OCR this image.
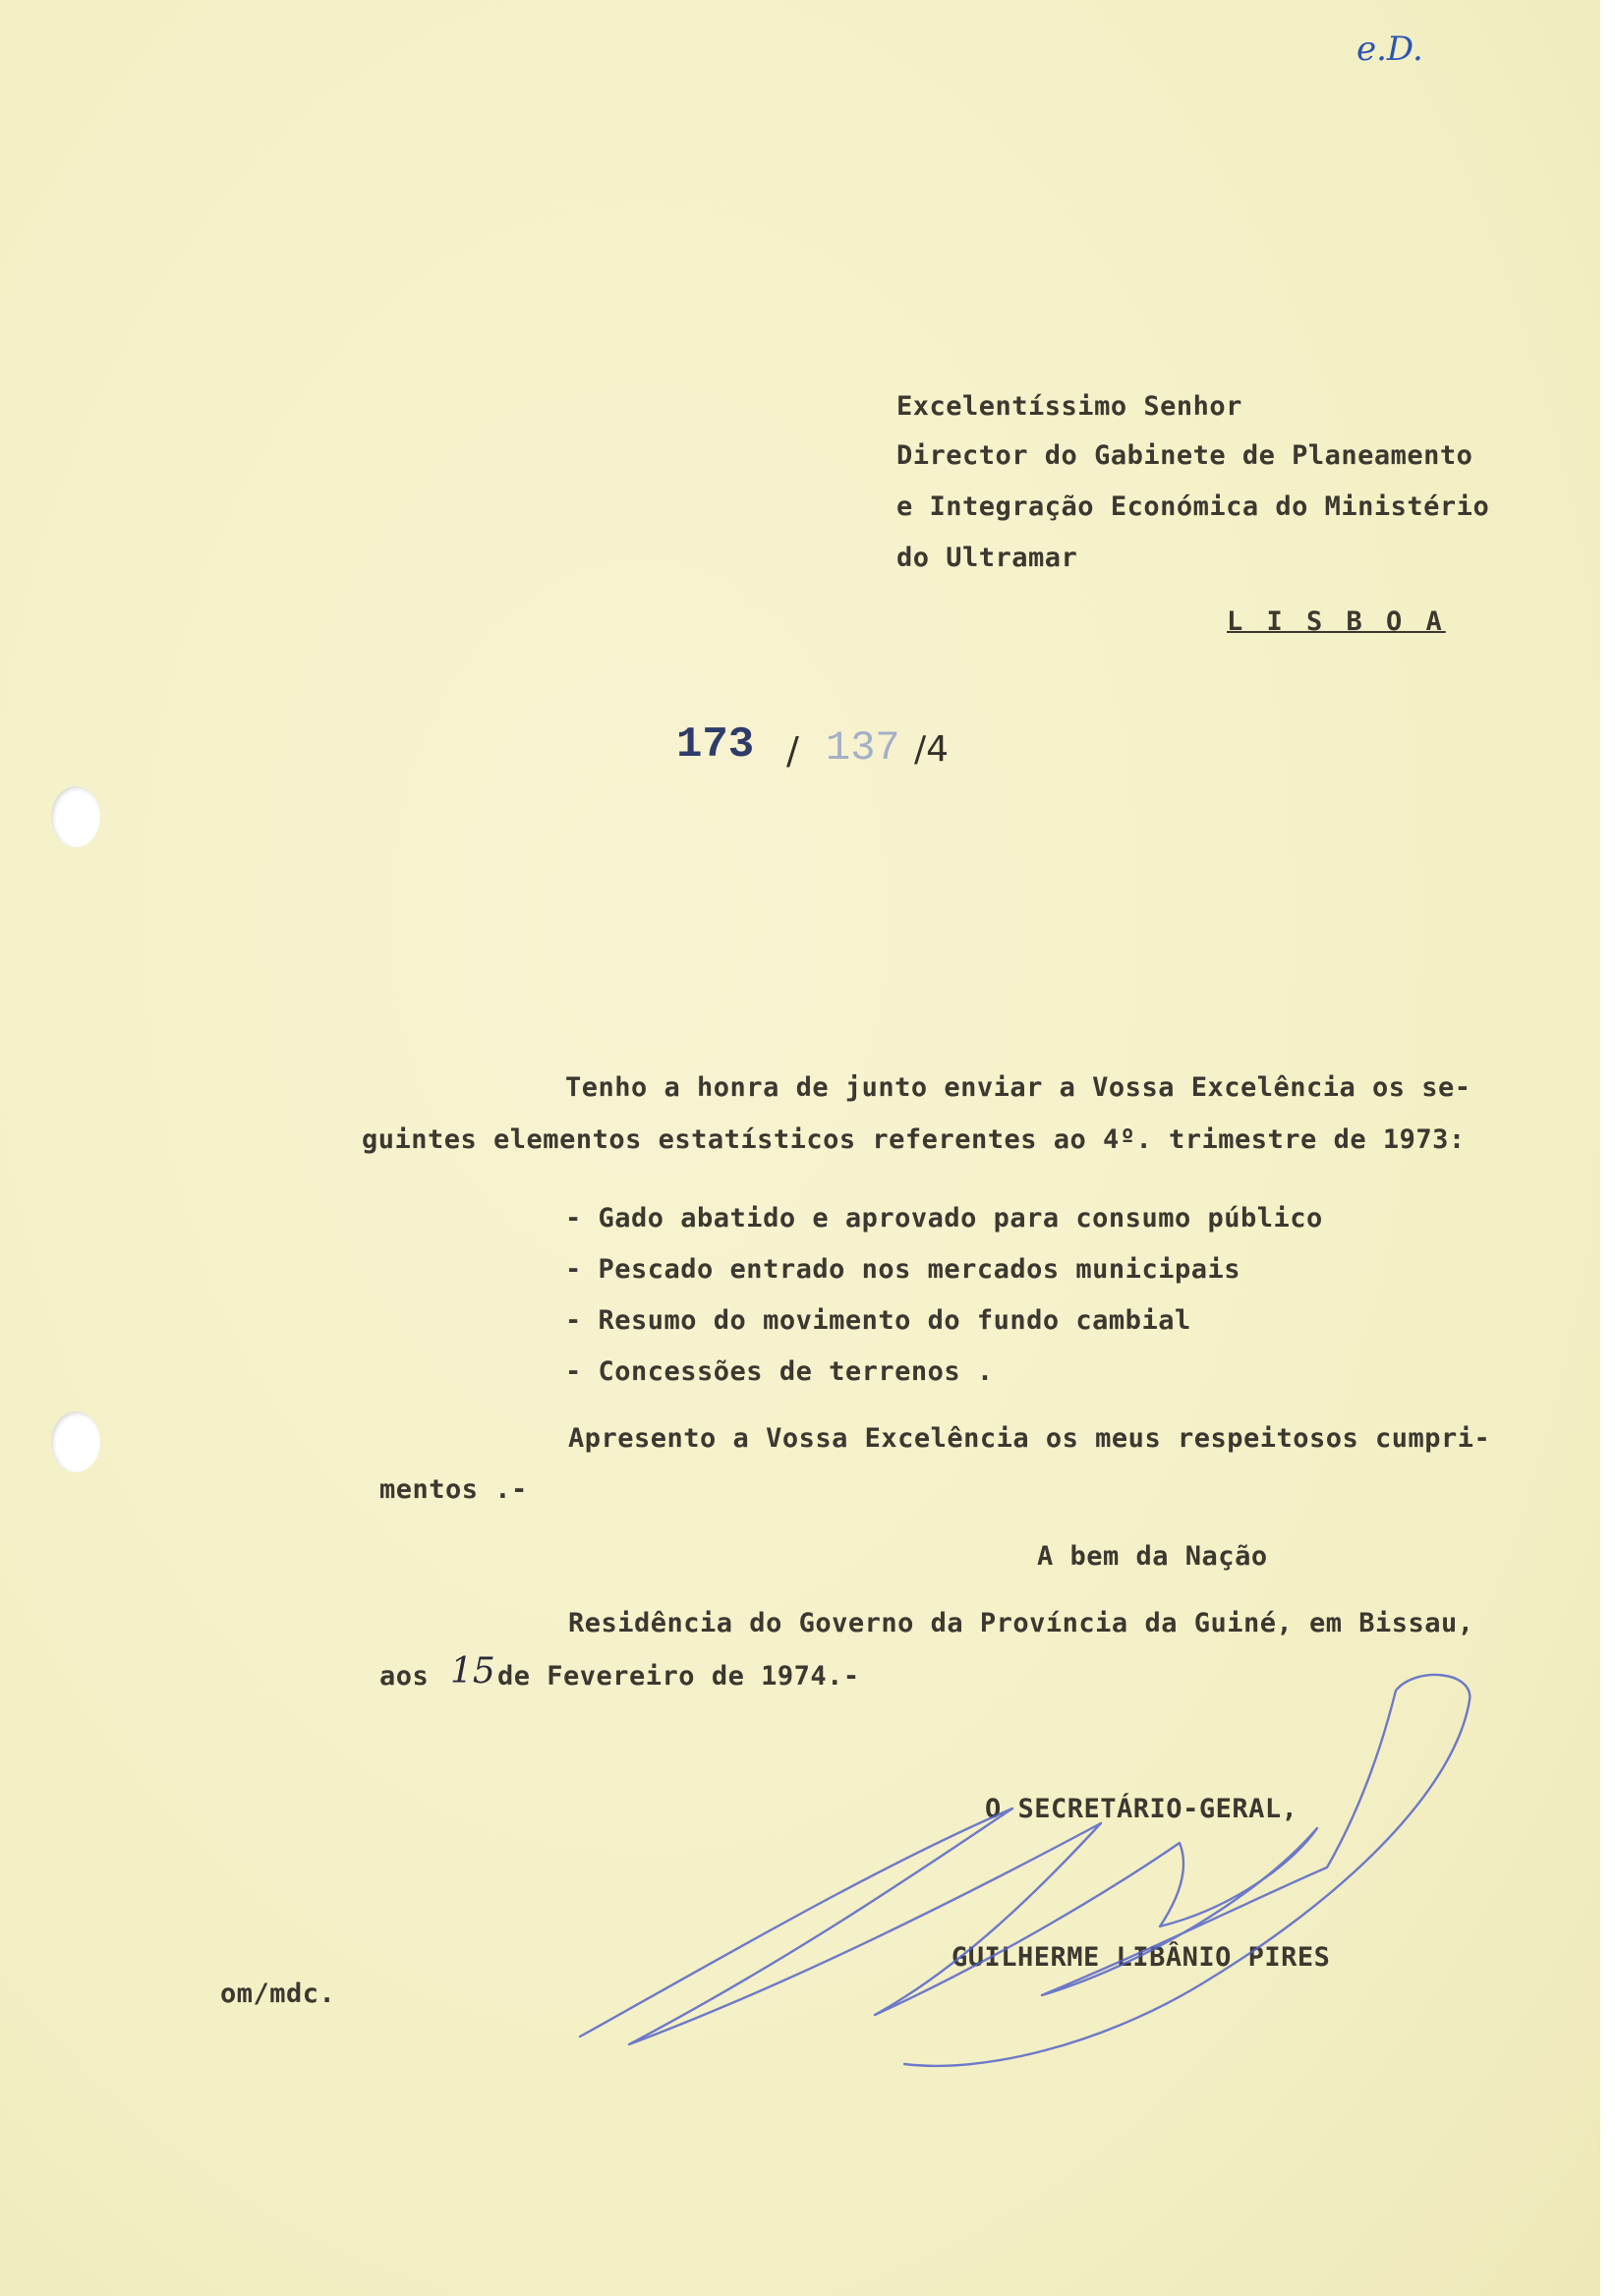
e.D.
Excelentíssimo Senhor
Director do Gabinete de Planeamento
e Integração Económica do Ministério
do Ultramar
L I S B O A
173 / 137 /4
Tenho a honra de junto enviar a Vossa Excelência os se-
guintes elementos estatísticos referentes ao 4º. trimestre de 1973:
- Gado abatido e aprovado para consumo público
- Pescado entrado nos mercados municipais
- Resumo do movimento do fundo cambial
- Concessões de terrenos .
Apresento a Vossa Excelência os meus respeitosos cumpri-
mentos .-
A bem da Nação
Residência do Governo da Província da Guiné, em Bissau,
aos 15 de Fevereiro de 1974.-
O SECRETÁRIO-GERAL,
GUILHERME LIBÂNIO PIRES
om/mdc.
